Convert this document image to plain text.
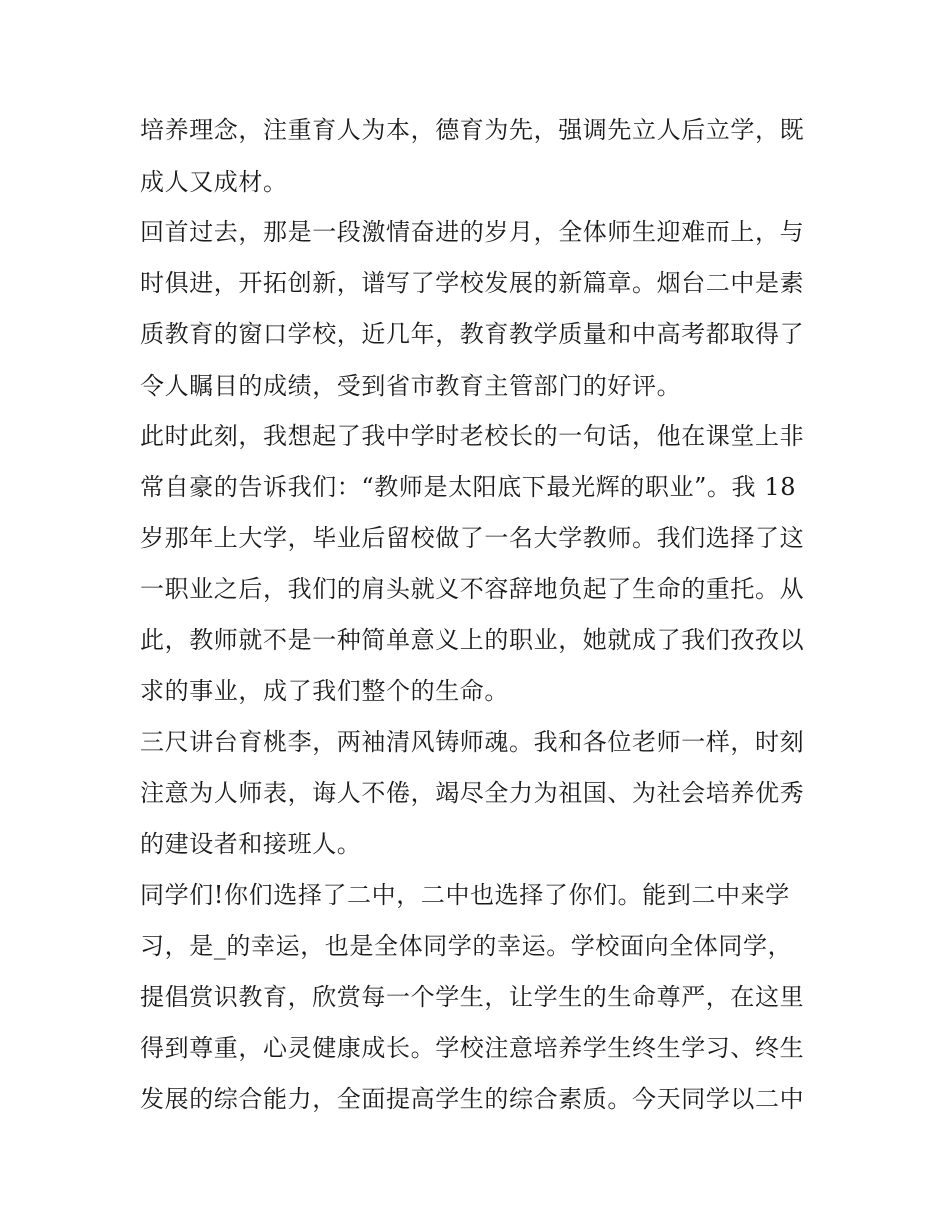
培养理念，注重育人为本，德育为先，强调先立人后立学，既
成人又成材。
回首过去，那是一段激情奋进的岁月，全体师生迎难而上，与
时俱进，开拓创新，谱写了学校发展的新篇章。烟台二中是素
质教育的窗口学校，近几年，教育教学质量和中高考都取得了
令人瞩目的成绩，受到省市教育主管部门的好评。
此时此刻，我想起了我中学时老校长的一句话，他在课堂上非
常自豪的告诉我们：“教师是太阳底下最光辉的职业”。我 18
岁那年上大学，毕业后留校做了一名大学教师。我们选择了这
一职业之后，我们的肩头就义不容辞地负起了生命的重托。从
此，教师就不是一种简单意义上的职业，她就成了我们孜孜以
求的事业，成了我们整个的生命。
三尺讲台育桃李，两袖清风铸师魂。我和各位老师一样，时刻
注意为人师表，诲人不倦，竭尽全力为祖国、为社会培养优秀
的建设者和接班人。
同学们!你们选择了二中，二中也选择了你们。能到二中来学
习，是_的幸运，也是全体同学的幸运。学校面向全体同学，
提倡赏识教育，欣赏每一个学生，让学生的生命尊严，在这里
得到尊重，心灵健康成长。学校注意培养学生终生学习、终生
发展的综合能力，全面提高学生的综合素质。今天同学以二中
